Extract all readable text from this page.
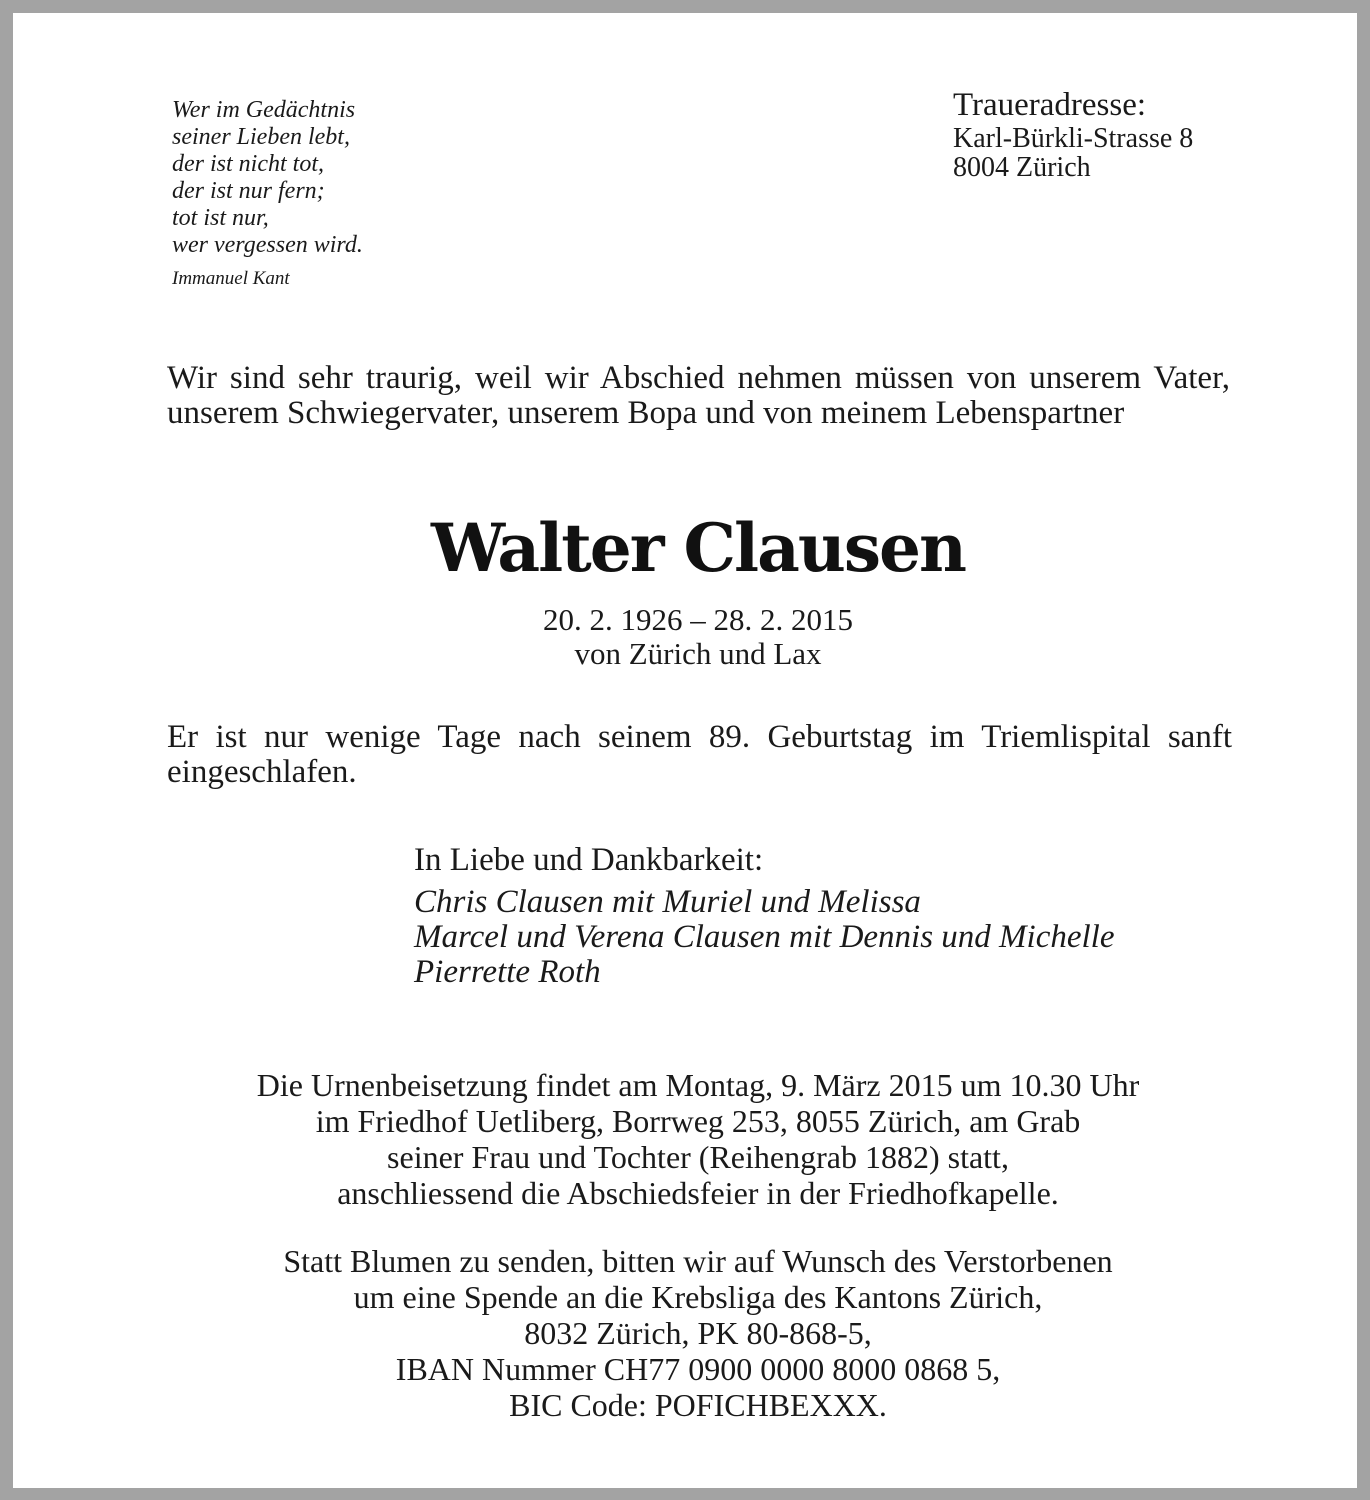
Wer im Gedächtnis
seiner Lieben lebt,
der ist nicht tot,
der ist nur fern;
tot ist nur,
wer vergessen wird.
Immanuel Kant
Traueradresse:
Karl-Bürkli-Strasse 8
8004 Zürich
Wir sind sehr traurig, weil wir Abschied nehmen müssen von unserem Vater, unserem Schwiegervater, unserem Bopa und von meinem Lebenspartner
Walter Clausen
20. 2. 1926 – 28. 2. 2015
von Zürich und Lax
Er ist nur wenige Tage nach seinem 89. Geburtstag im Triemlispital sanft eingeschlafen.
In Liebe und Dankbarkeit:
Chris Clausen mit Muriel und Melissa
Marcel und Verena Clausen mit Dennis und Michelle
Pierrette Roth
Die Urnenbeisetzung findet am Montag, 9. März 2015 um 10.30 Uhr
im Friedhof Uetliberg, Borrweg 253, 8055 Zürich, am Grab
seiner Frau und Tochter (Reihengrab 1882) statt,
anschliessend die Abschiedsfeier in der Friedhofkapelle.
Statt Blumen zu senden, bitten wir auf Wunsch des Verstorbenen
um eine Spende an die Krebsliga des Kantons Zürich,
8032 Zürich, PK 80-868-5,
IBAN Nummer CH77 0900 0000 8000 0868 5,
BIC Code: POFICHBEXXX.
